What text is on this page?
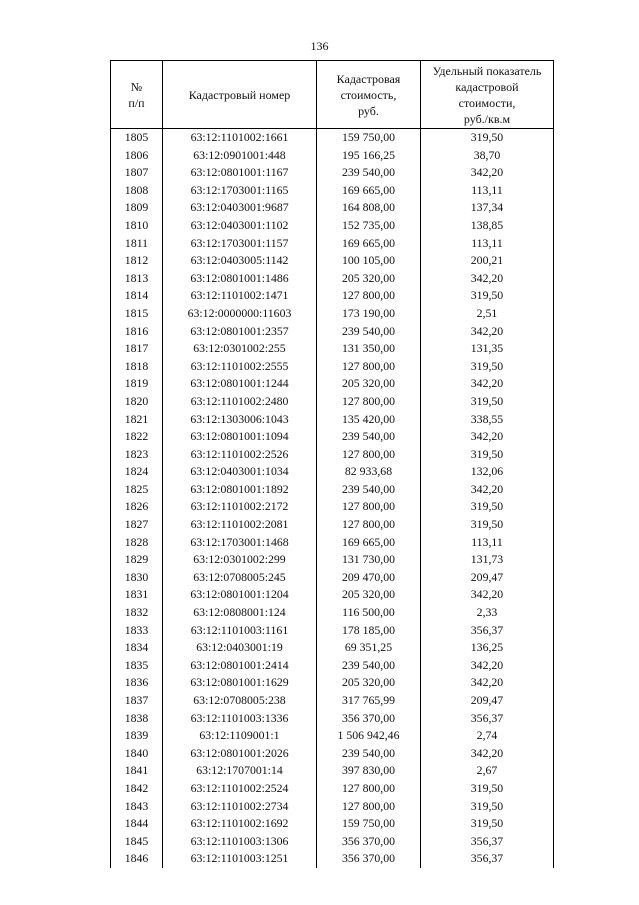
136
№
п/п	Кадастровый номер	Кадастровая
стоимость,
руб.	Удельный показатель
кадастровой
стоимости,
руб./кв.м

1805	63:12:1101002:1661	159 750,00	319,50
1806	63:12:0901001:448	195 166,25	38,70
1807	63:12:0801001:1167	239 540,00	342,20
1808	63:12:1703001:1165	169 665,00	113,11
1809	63:12:0403001:9687	164 808,00	137,34
1810	63:12:0403001:1102	152 735,00	138,85
1811	63:12:1703001:1157	169 665,00	113,11
1812	63:12:0403005:1142	100 105,00	200,21
1813	63:12:0801001:1486	205 320,00	342,20
1814	63:12:1101002:1471	127 800,00	319,50
1815	63:12:0000000:11603	173 190,00	2,51
1816	63:12:0801001:2357	239 540,00	342,20
1817	63:12:0301002:255	131 350,00	131,35
1818	63:12:1101002:2555	127 800,00	319,50
1819	63:12:0801001:1244	205 320,00	342,20
1820	63:12:1101002:2480	127 800,00	319,50
1821	63:12:1303006:1043	135 420,00	338,55
1822	63:12:0801001:1094	239 540,00	342,20
1823	63:12:1101002:2526	127 800,00	319,50
1824	63:12:0403001:1034	82 933,68	132,06
1825	63:12:0801001:1892	239 540,00	342,20
1826	63:12:1101002:2172	127 800,00	319,50
1827	63:12:1101002:2081	127 800,00	319,50
1828	63:12:1703001:1468	169 665,00	113,11
1829	63:12:0301002:299	131 730,00	131,73
1830	63:12:0708005:245	209 470,00	209,47
1831	63:12:0801001:1204	205 320,00	342,20
1832	63:12:0808001:124	116 500,00	2,33
1833	63:12:1101003:1161	178 185,00	356,37
1834	63:12:0403001:19	69 351,25	136,25
1835	63:12:0801001:2414	239 540,00	342,20
1836	63:12:0801001:1629	205 320,00	342,20
1837	63:12:0708005:238	317 765,99	209,47
1838	63:12:1101003:1336	356 370,00	356,37
1839	63:12:1109001:1	1 506 942,46	2,74
1840	63:12:0801001:2026	239 540,00	342,20
1841	63:12:1707001:14	397 830,00	2,67
1842	63:12:1101002:2524	127 800,00	319,50
1843	63:12:1101002:2734	127 800,00	319,50
1844	63:12:1101002:1692	159 750,00	319,50
1845	63:12:1101003:1306	356 370,00	356,37
1846	63:12:1101003:1251	356 370,00	356,37
